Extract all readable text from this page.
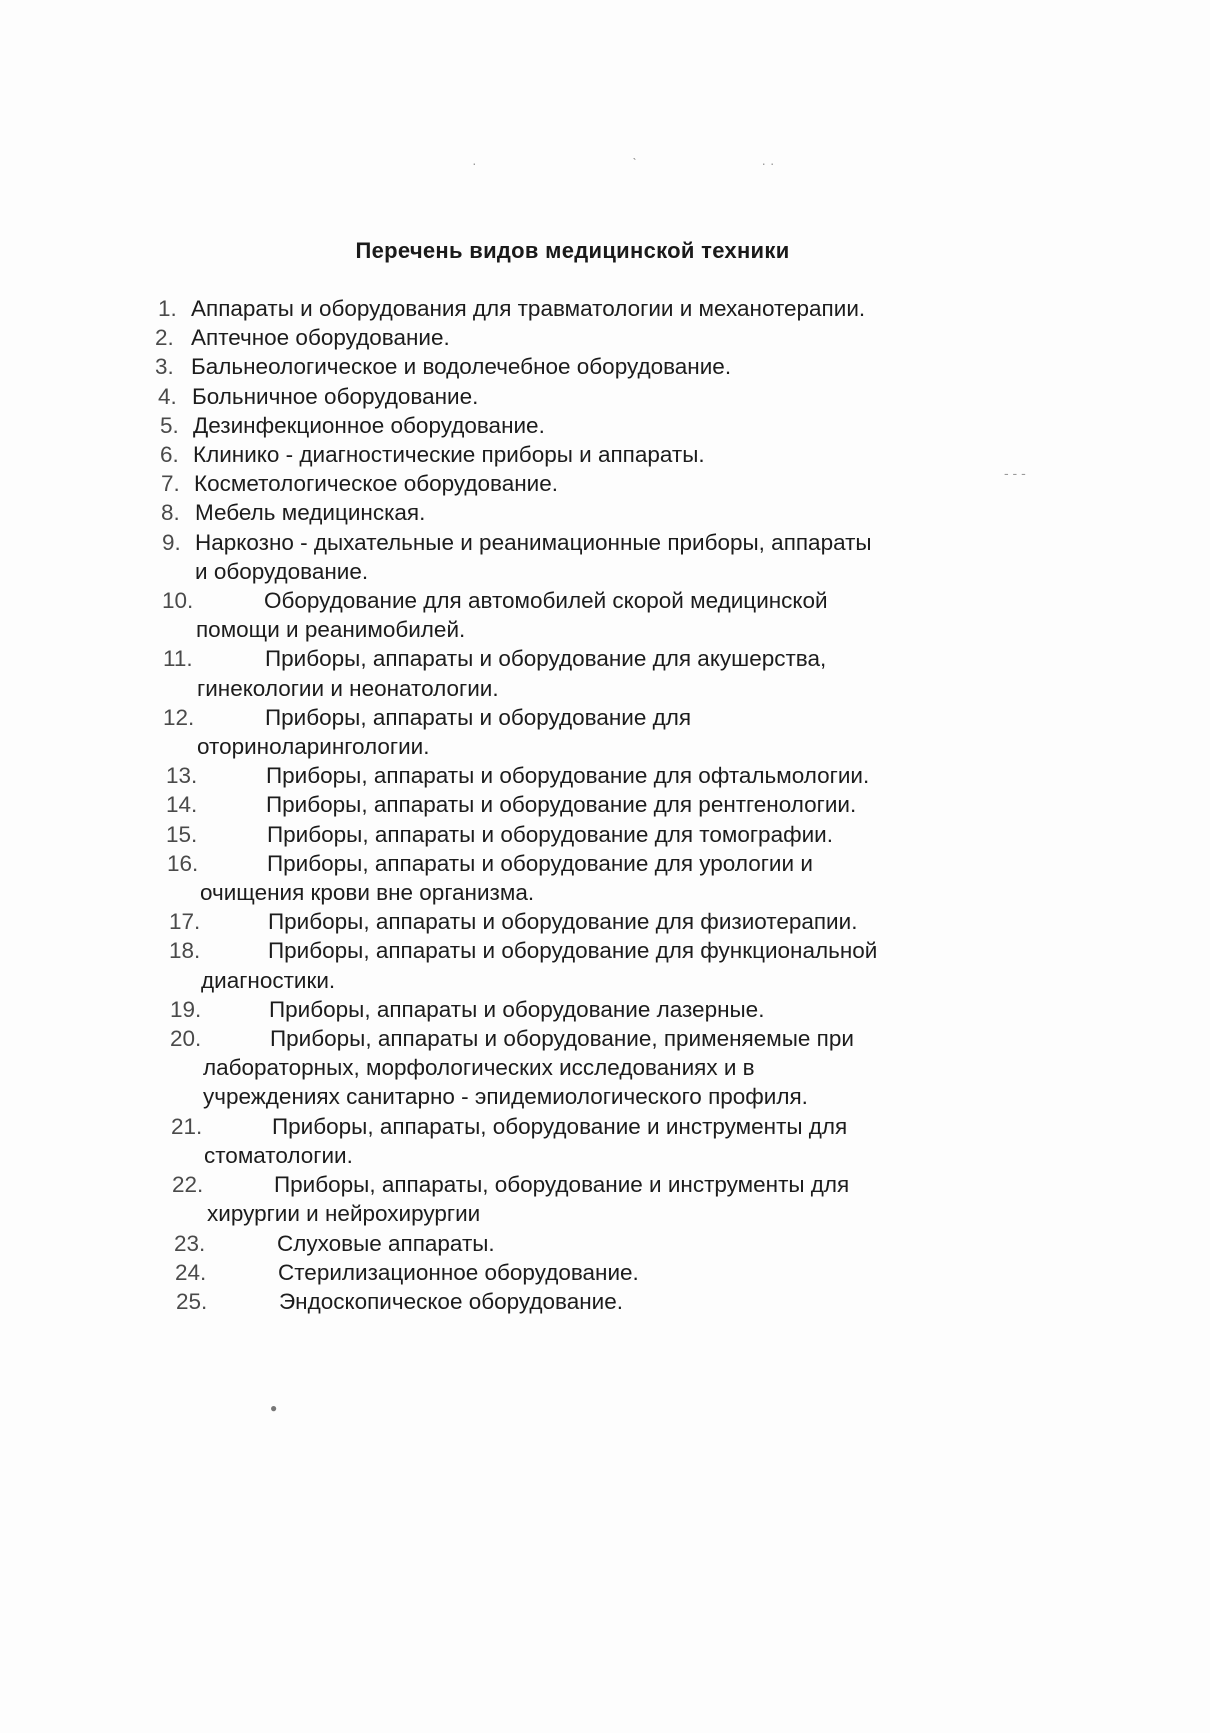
·                                        ˋ                                · ·
- - -
●
Перечень видов медицинской техники
1. Аппараты и оборудования для травматологии и механотерапии.
2. Аптечное оборудование.
3. Бальнеологическое и водолечебное оборудование.
4. Больничное оборудование.
5. Дезинфекционное оборудование.
6. Клинико - диагностические приборы и аппараты.
7. Косметологическое оборудование.
8. Мебель медицинская.
9. Наркозно - дыхательные и реанимационные приборы, аппараты
и оборудование.
10.	Оборудование для автомобилей скорой медицинской
помощи и реанимобилей.
11.	Приборы, аппараты и оборудование для акушерства,
гинекологии и неонатологии.
12.	Приборы, аппараты и оборудование для
оториноларингологии.
13.	Приборы, аппараты и оборудование для офтальмологии.
14.	Приборы, аппараты и оборудование для рентгенологии.
15.	Приборы, аппараты и оборудование для томографии.
16.	Приборы, аппараты и оборудование для урологии и
очищения крови вне организма.
17.	Приборы, аппараты и оборудование для физиотерапии.
18.	Приборы, аппараты и оборудование для функциональной
диагностики.
19.	Приборы, аппараты и оборудование лазерные.
20.	Приборы, аппараты и оборудование, применяемые при
лабораторных, морфологических исследованиях и в
учреждениях санитарно - эпидемиологического профиля.
21.	Приборы, аппараты, оборудование и инструменты для
стоматологии.
22.	Приборы, аппараты, оборудование и инструменты для
хирургии и нейрохирургии
23.	Слуховые аппараты.
24.	Стерилизационное оборудование.
25.	Эндоскопическое оборудование.
